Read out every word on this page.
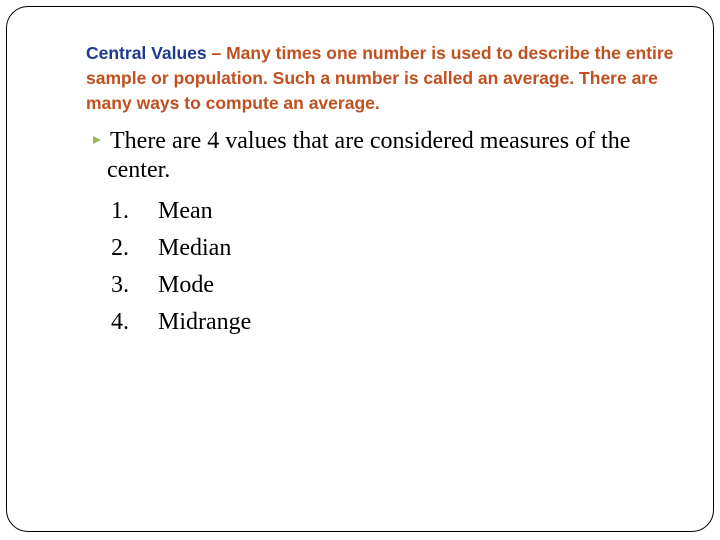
Central Values – Many times one number is used to describe the entire sample or population. Such a number is called an average. There are many ways to compute an average.

There are 4 values that are considered measures of the
center.
1.	Mean
2.	Median
3.	Mode
4.	Midrange
